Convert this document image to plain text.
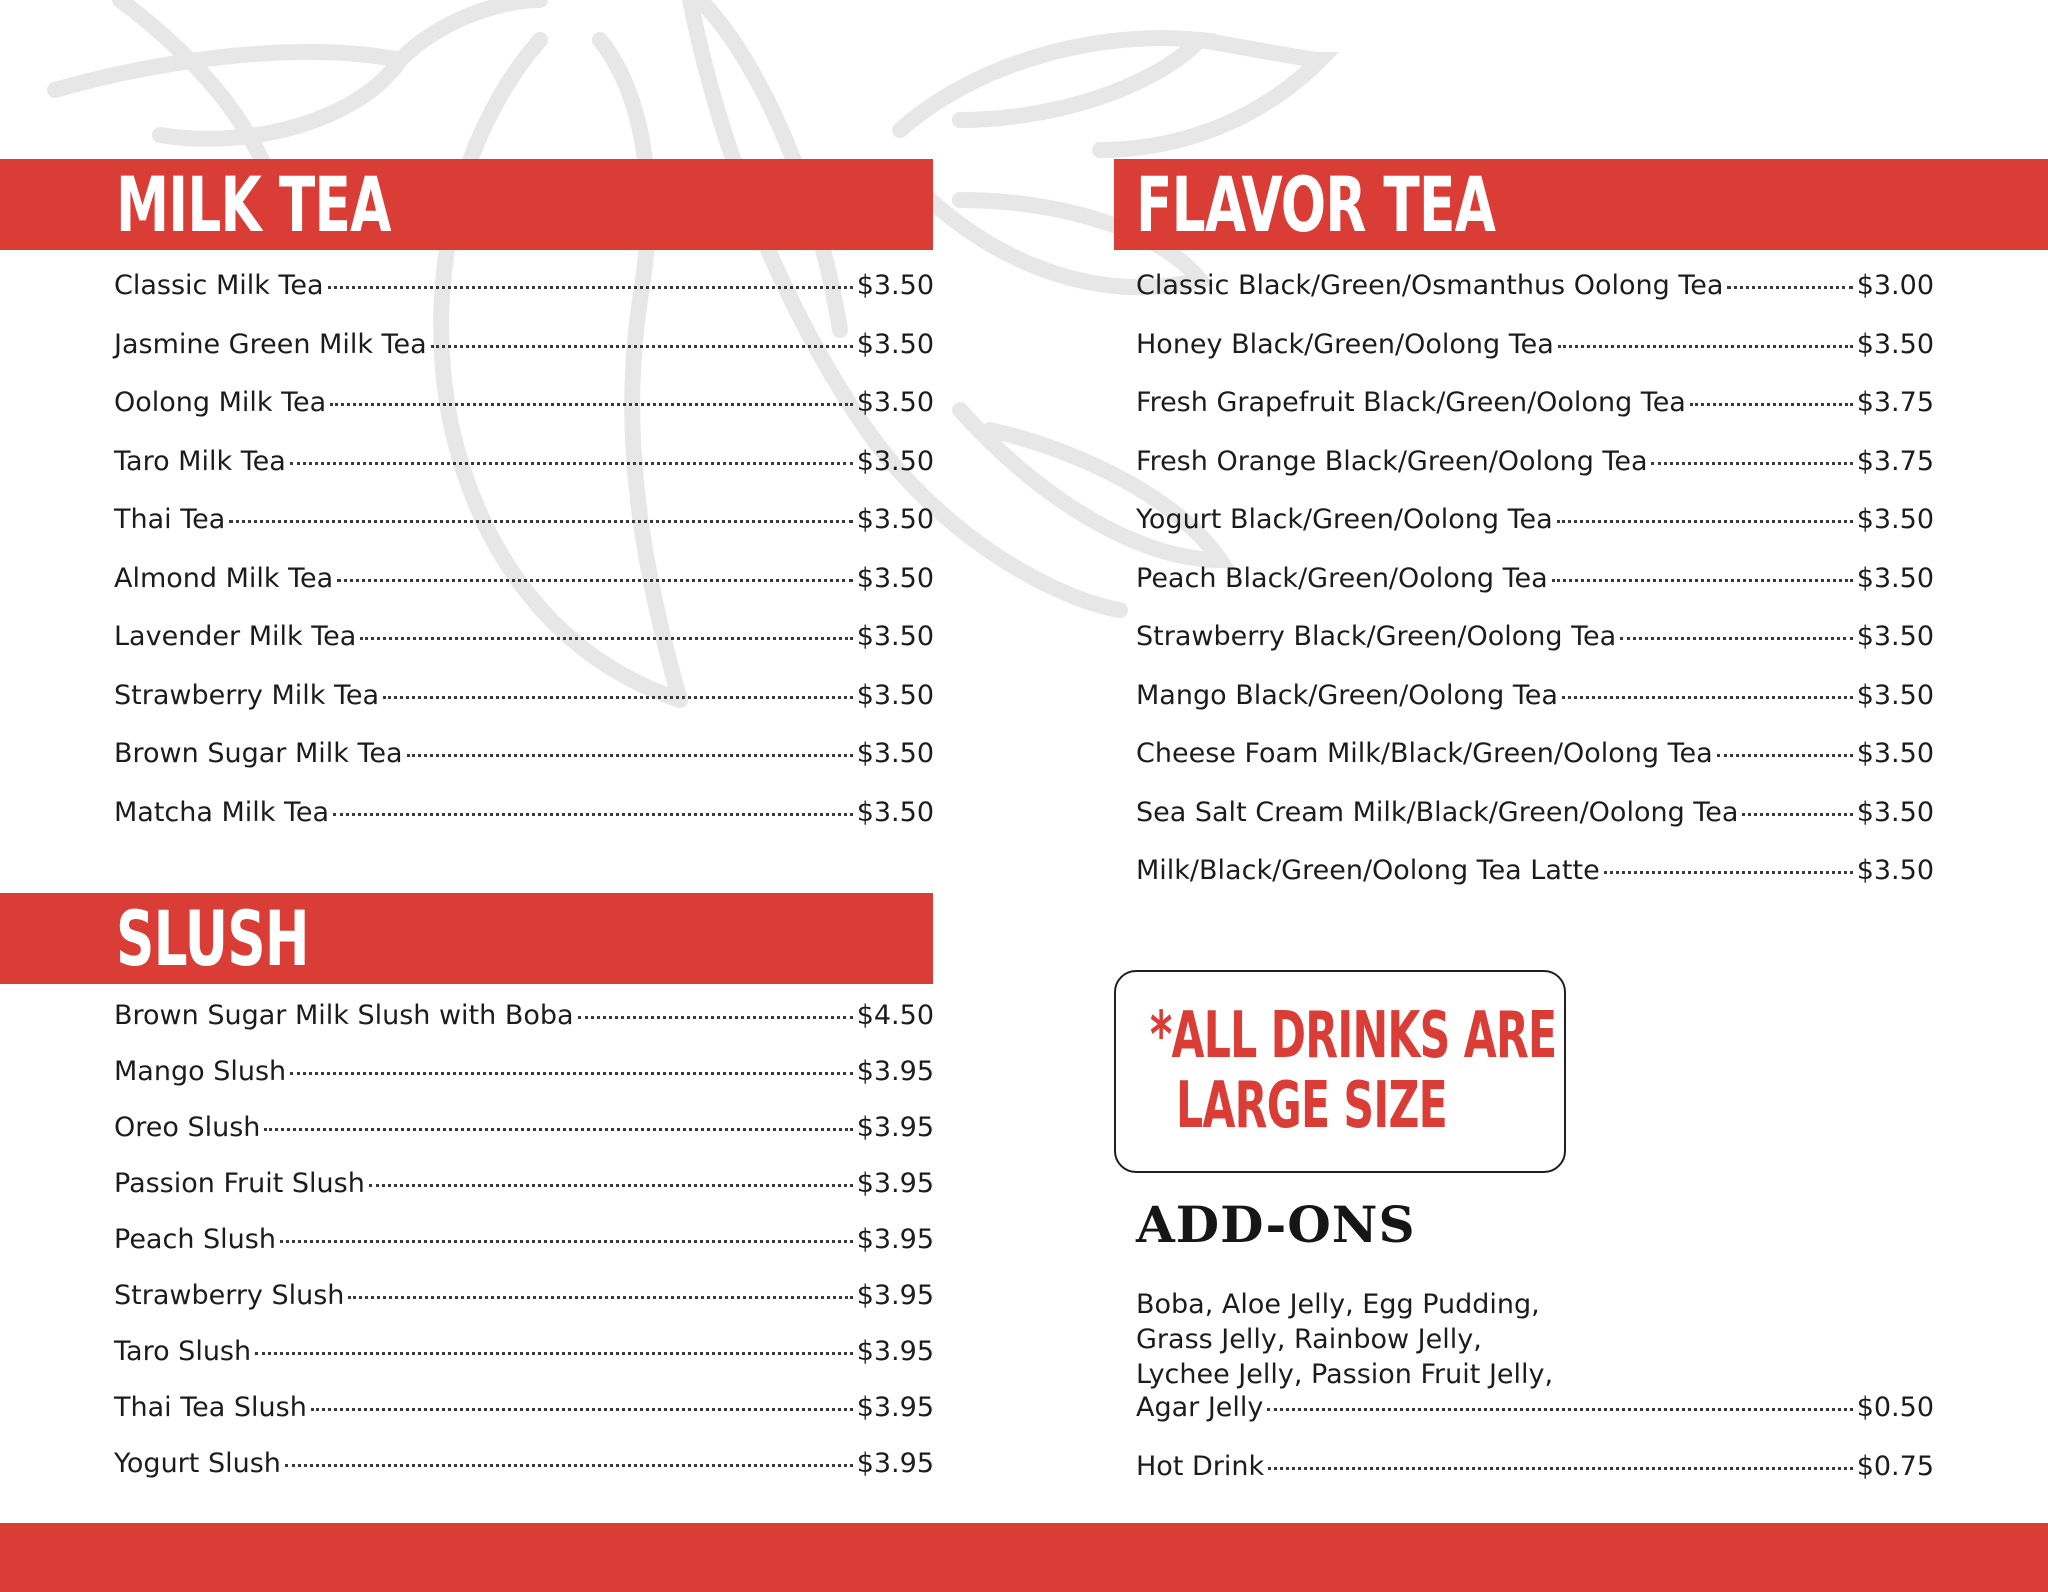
MILK TEA
Classic Milk Tea	$3.50
Jasmine Green Milk Tea	$3.50
Oolong Milk Tea	$3.50
Taro Milk Tea	$3.50
Thai Tea	$3.50
Almond Milk Tea	$3.50
Lavender Milk Tea	$3.50
Strawberry Milk Tea	$3.50
Brown Sugar Milk Tea	$3.50
Matcha Milk Tea	$3.50
SLUSH
Brown Sugar Milk Slush with Boba	$4.50
Mango Slush	$3.95
Oreo Slush	$3.95
Passion Fruit Slush	$3.95
Peach Slush	$3.95
Strawberry Slush	$3.95
Taro Slush	$3.95
Thai Tea Slush	$3.95
Yogurt Slush	$3.95
FLAVOR TEA
Classic Black/Green/Osmanthus Oolong Tea	$3.00
Honey Black/Green/Oolong Tea	$3.50
Fresh Grapefruit Black/Green/Oolong Tea	$3.75
Fresh Orange Black/Green/Oolong Tea	$3.75
Yogurt Black/Green/Oolong Tea	$3.50
Peach Black/Green/Oolong Tea	$3.50
Strawberry Black/Green/Oolong Tea	$3.50
Mango Black/Green/Oolong Tea	$3.50
Cheese Foam Milk/Black/Green/Oolong Tea	$3.50
Sea Salt Cream Milk/Black/Green/Oolong Tea	$3.50
Milk/Black/Green/Oolong Tea Latte	$3.50
*ALL DRINKS ARE
LARGE SIZE
ADD-ONS
Boba, Aloe Jelly, Egg Pudding,
Grass Jelly, Rainbow Jelly,
Lychee Jelly, Passion Fruit Jelly,
Agar Jelly	$0.50
Hot Drink	$0.75
